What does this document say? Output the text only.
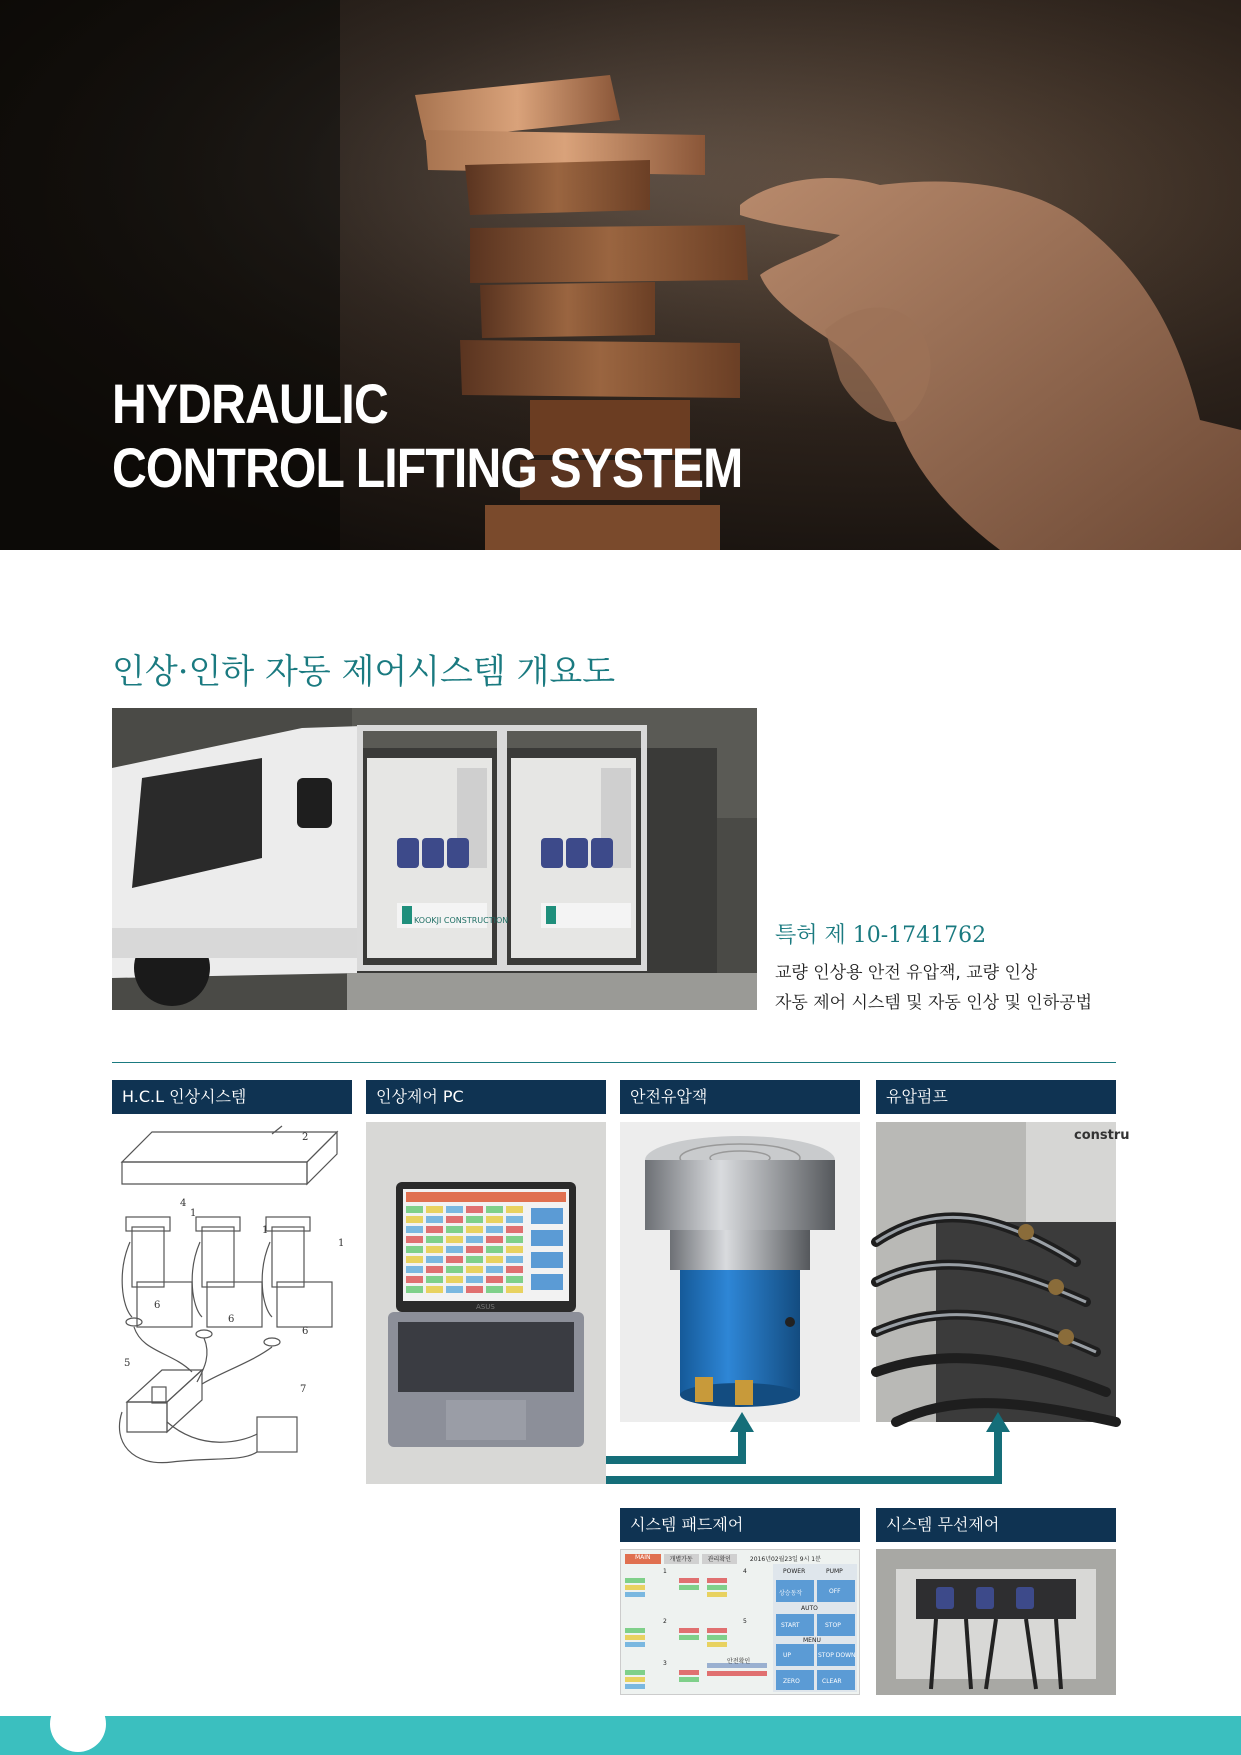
HYDRAULIC
CONTROL LIFTING SYSTEM
인상·인하 자동 제어시스템 개요도
KOOKJI CONSTRUCTION

특허 제 10-1741762

교량 인상용 안전 유압잭, 교량 인상
자동 제어 시스템 및 자동 인상 및 인하공법
H.C.L 인상시스템	인상제어 PC	안전유압잭	유압펌프
2
4
1
1
1
6
6
6
5
7
ASUS
constru
시스템 패드제어	시스템 무선제어
MAIN	개별가동	관리확인	2016년02월23일 9시 1분
1	4
2	5
3
POWER	PUMP
상승동작	OFF
AUTO
START	STOP
MENU
UP	STOP DOWN
ZERO	CLEAR
안전확인
